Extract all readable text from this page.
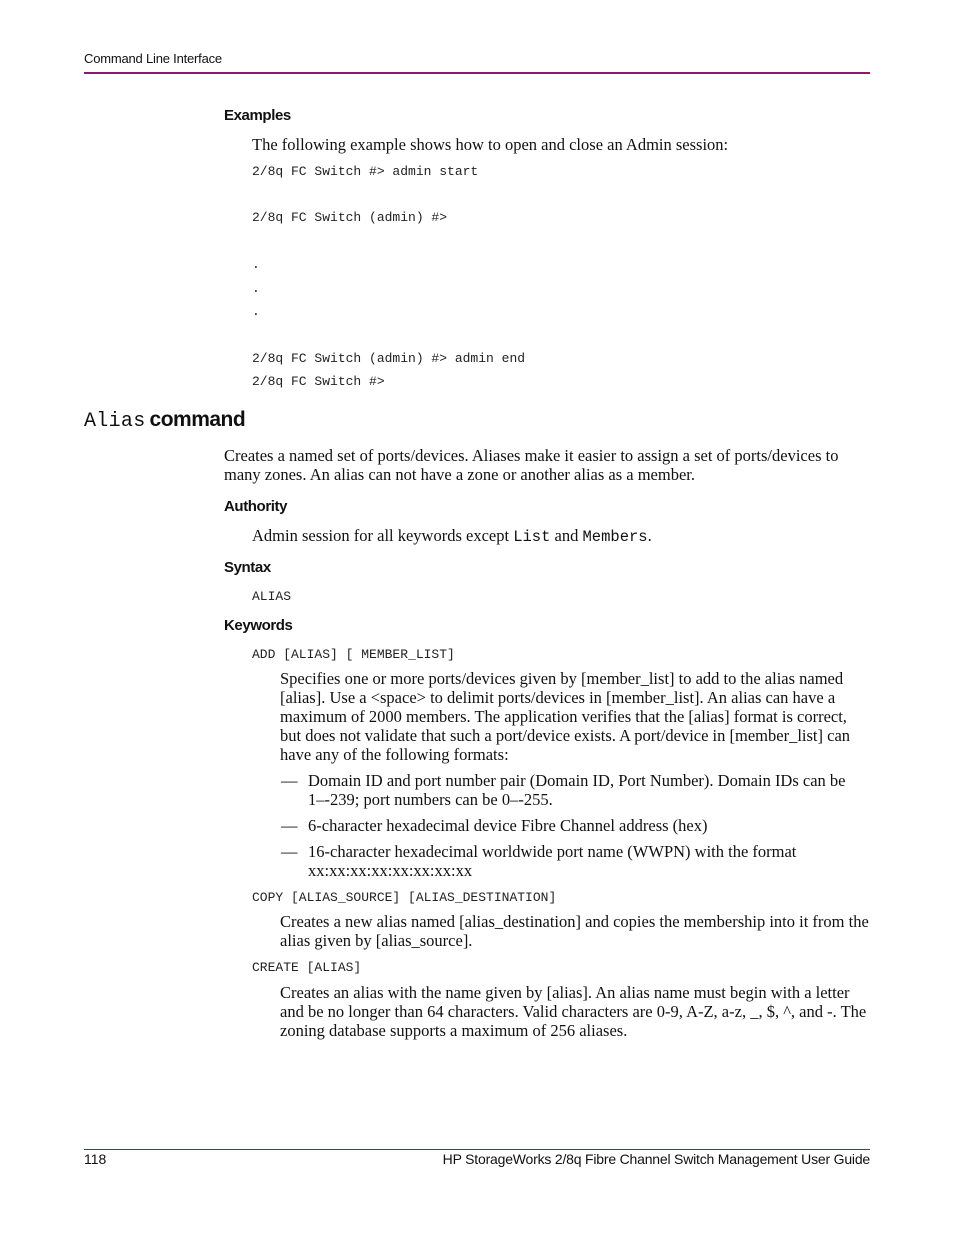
Command Line Interface
Examples
The following example shows how to open and close an Admin session:
2/8q FC Switch #> admin start
2/8q FC Switch (admin) #>
.
.
.
2/8q FC Switch (admin) #> admin end
2/8q FC Switch #>
Alias command
Creates a named set of ports/devices. Aliases make it easier to assign a set of ports/devices to many zones. An alias can not have a zone or another alias as a member.
Authority
Admin session for all keywords except List and Members.
Syntax
ALIAS
Keywords
ADD [ALIAS] [ MEMBER_LIST]
Specifies one or more ports/devices given by [member_list] to add to the alias named [alias]. Use a <space> to delimit ports/devices in [member_list]. An alias can have a maximum of 2000 members. The application verifies that the [alias] format is correct, but does not validate that such a port/device exists. A port/device in [member_list] can have any of the following formats:
— Domain ID and port number pair (Domain ID, Port Number). Domain IDs can be 1–-239; port numbers can be 0–-255.
— 6-character hexadecimal device Fibre Channel address (hex)
— 16-character hexadecimal worldwide port name (WWPN) with the format xx:xx:xx:xx:xx:xx:xx:xx
COPY [ALIAS_SOURCE] [ALIAS_DESTINATION]
Creates a new alias named [alias_destination] and copies the membership into it from the alias given by [alias_source].
CREATE [ALIAS]
Creates an alias with the name given by [alias]. An alias name must begin with a letter and be no longer than 64 characters. Valid characters are 0-9, A-Z, a-z, _, $, ^, and -. The zoning database supports a maximum of 256 aliases.
118	HP StorageWorks 2/8q Fibre Channel Switch Management User Guide
